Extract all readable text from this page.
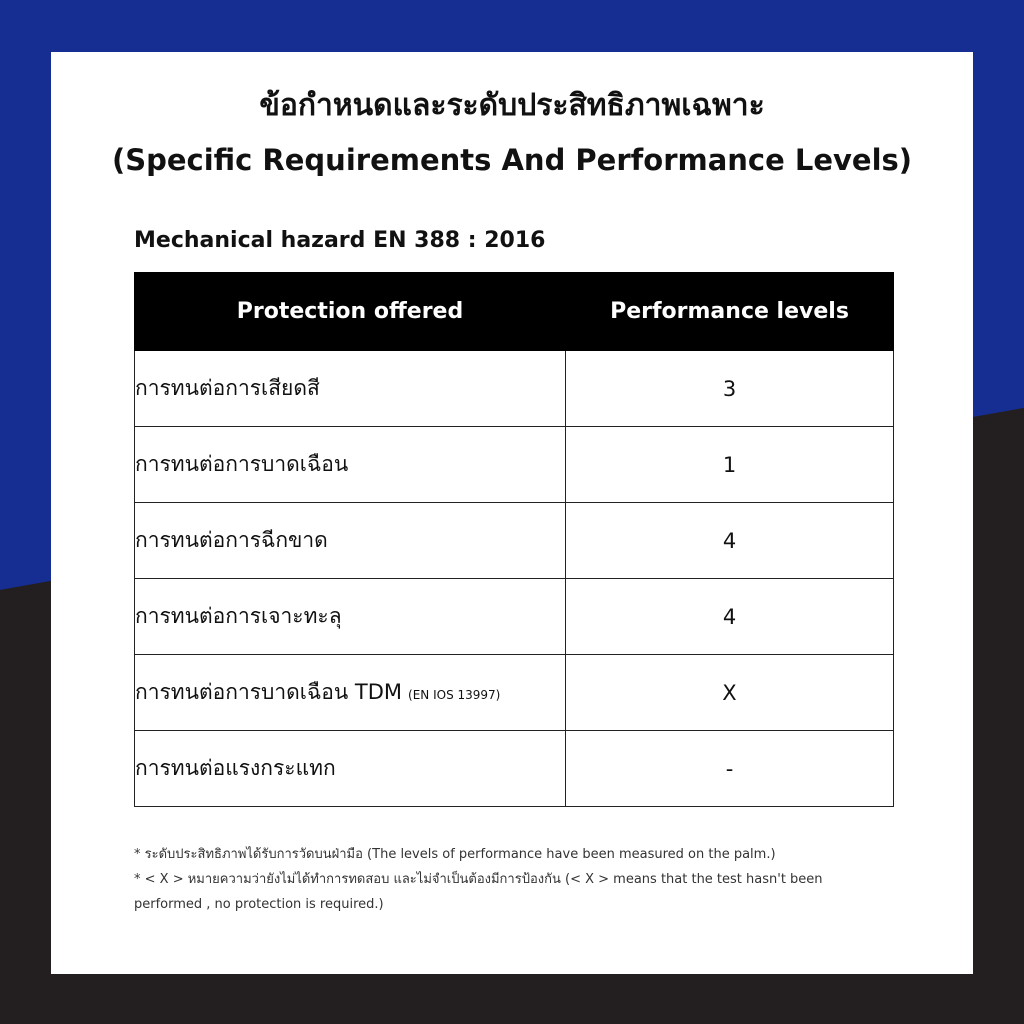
ข้อกำหนดและระดับประสิทธิภาพเฉพาะ
(Specific Requirements And Performance Levels)
Mechanical hazard EN 388 : 2016
Protection offered	Performance levels
การทนต่อการเสียดสี	3
การทนต่อการบาดเฉือน	1
การทนต่อการฉีกขาด	4
การทนต่อการเจาะทะลุ	4
การทนต่อการบาดเฉือน TDM (EN IOS 13997)	X
การทนต่อแรงกระแทก	-

* ระดับประสิทธิภาพได้รับการวัดบนฝ่ามือ (The levels of performance have been measured on the palm.)

* < X > หมายความว่ายังไม่ได้ทำการทดสอบ และไม่จำเป็นต้องมีการป้องกัน (< X > means that the test hasn't been performed , no protection is required.)
